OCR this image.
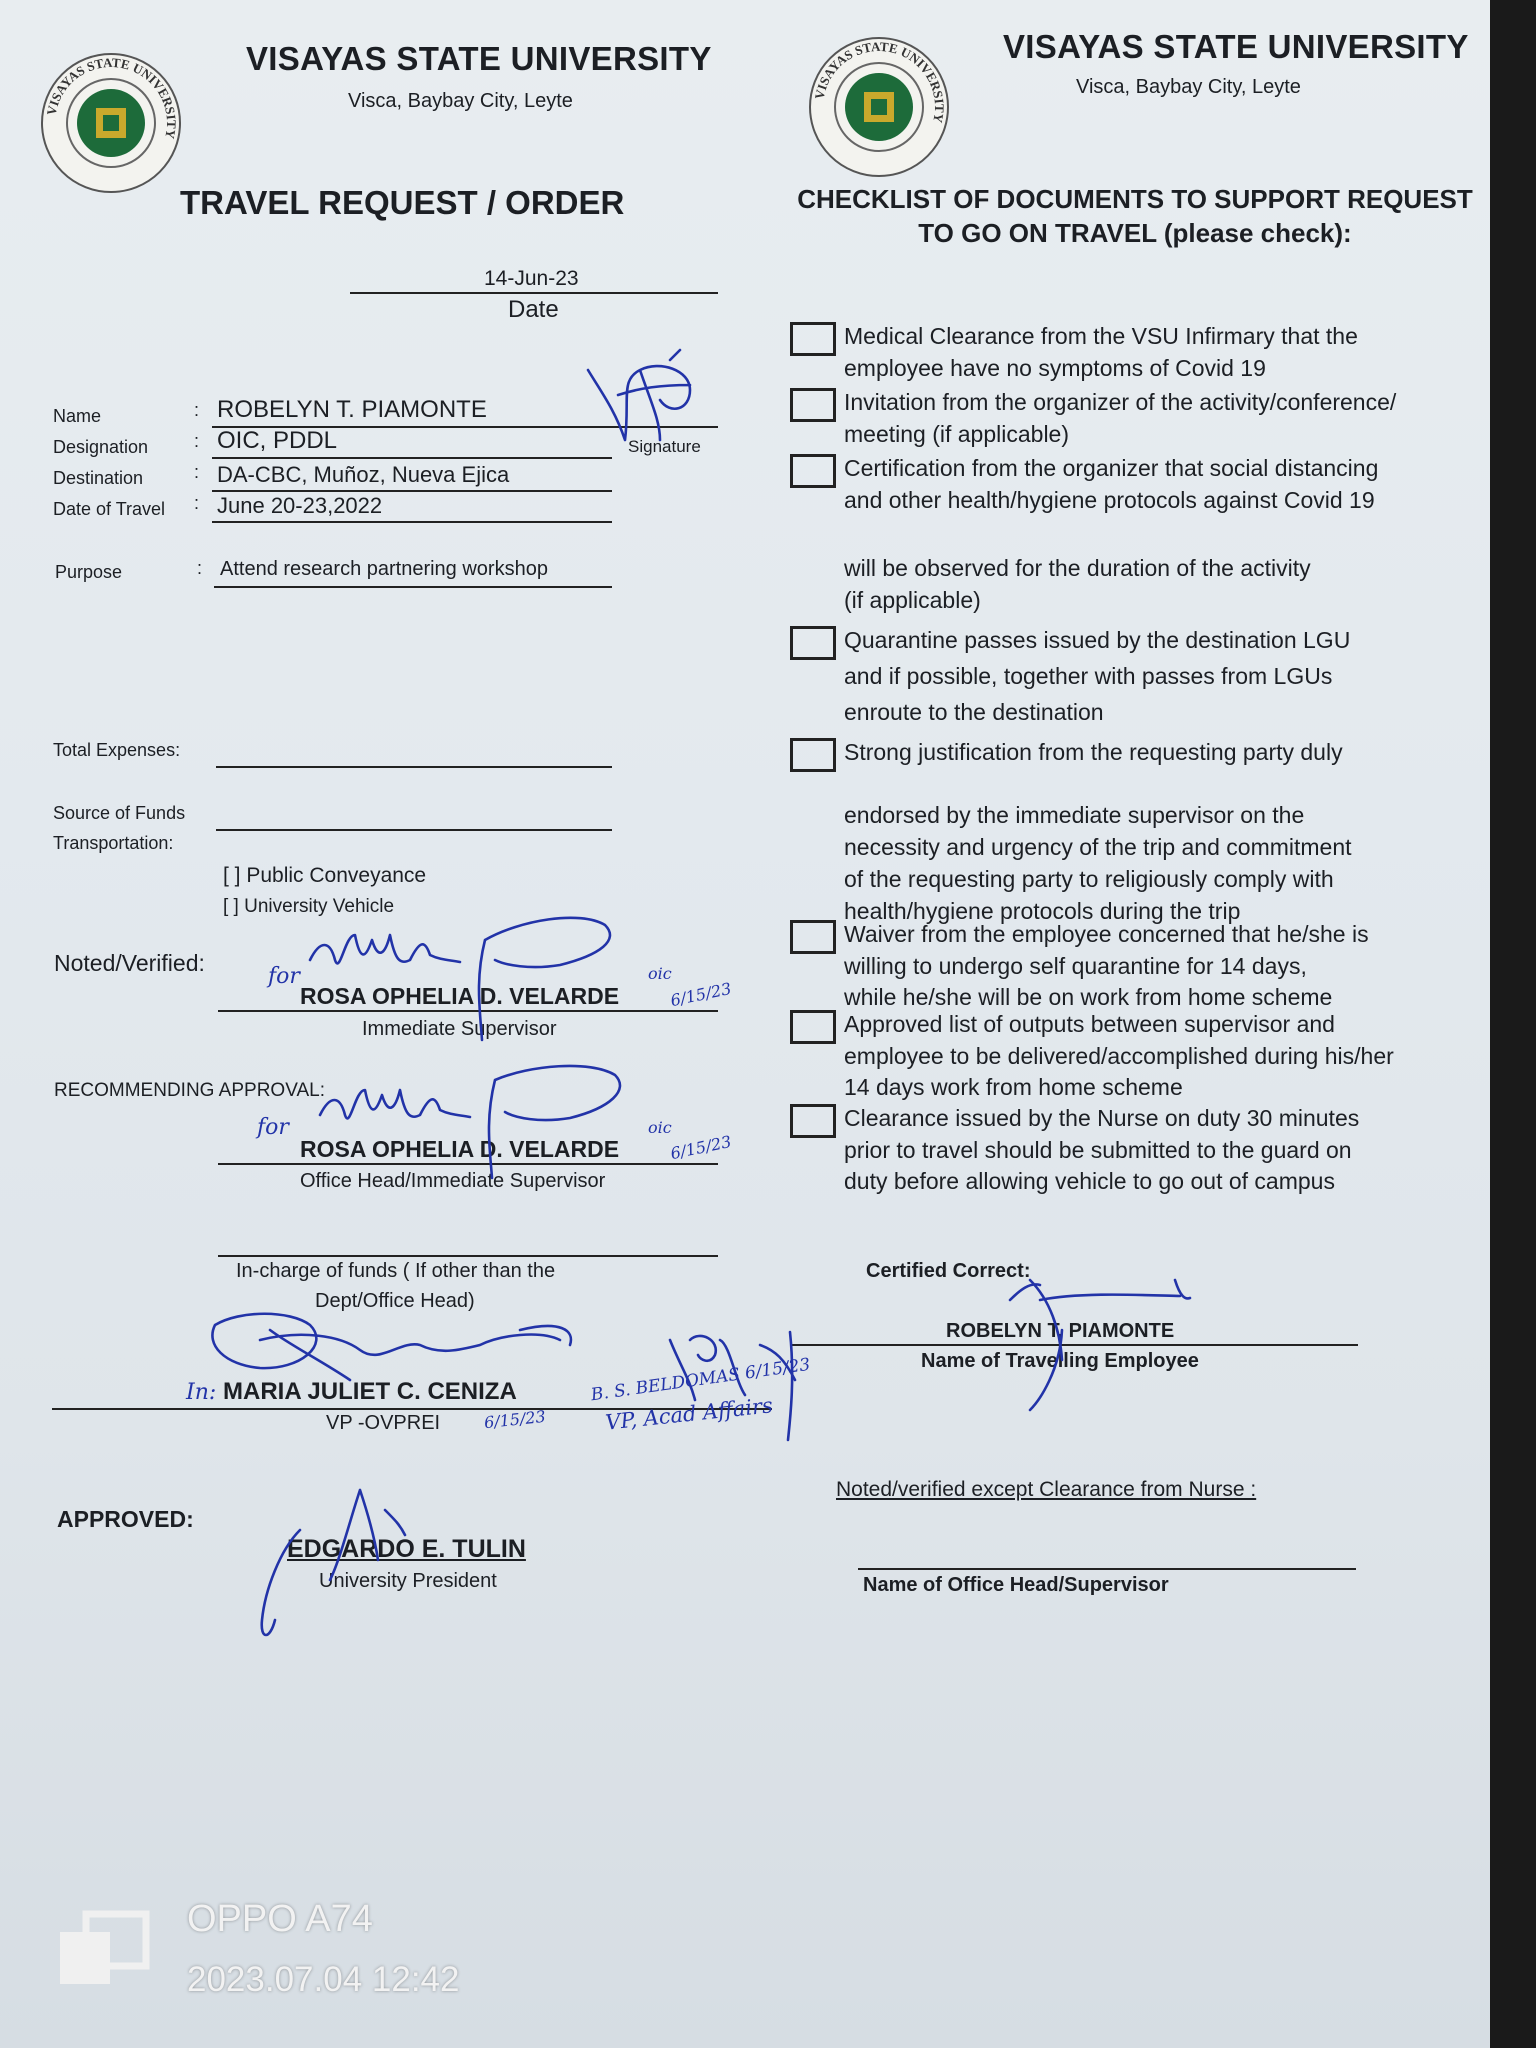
VISAYAS STATE UNIVERSITY
VISAYAS STATE UNIVERSITY
Visca, Baybay City, Leyte
TRAVEL REQUEST / ORDER
VISAYAS STATE UNIVERSITY
VISAYAS STATE UNIVERSITY
Visca, Baybay City, Leyte
CHECKLIST OF DOCUMENTS TO SUPPORT REQUEST
TO GO ON TRAVEL (please check):
14-Jun-23
Date
Name	: ROBELYN T. PIAMONTE
Designation	: OIC, PDDL	Signature
Destination	: DA-CBC, Muñoz, Nueva Ejica
Date of Travel : June 20-23,2022
Purpose	: Attend research partnering workshop
Total Expenses:
Source of Funds
Transportation:
[ ] Public Conveyance
[ ] University Vehicle
Noted/Verified:
ROSA OPHELIA D. VELARDE
Immediate Supervisor
RECOMMENDING APPROVAL:
ROSA OPHELIA D. VELARDE
Office Head/Immediate Supervisor
In-charge of funds ( If other than the
Dept/Office Head)
MARIA JULIET C. CENIZA
VP -OVPREI
APPROVED:
EDGARDO E. TULIN
University President
Medical Clearance from the VSU Infirmary that the
employee have no symptoms of Covid 19
Invitation from the organizer of the activity/conference/
meeting (if applicable)
Certification from the organizer that social distancing
and other health/hygiene protocols against Covid 19
will be observed for the duration of the activity
(if applicable)
Quarantine passes issued by the destination LGU
and if possible, together with passes from LGUs
enroute to the destination
Strong justification from the requesting party duly
endorsed by the immediate supervisor on the
necessity and urgency of the trip and commitment
of the requesting party to religiously comply with
health/hygiene protocols during the trip
Waiver from the employee concerned that he/she is
willing to undergo self quarantine for 14 days,
while he/she will be on work from home scheme
Approved list of outputs between supervisor and
employee to be delivered/accomplished during his/her
14 days work from home scheme
Clearance issued by the Nurse on duty 30 minutes
prior to travel should be submitted to the guard on
duty before allowing vehicle to go out of campus
Certified Correct:
ROBELYN T. PIAMONTE
Name of Travelling Employee
Noted/verified except Clearance from Nurse :
Name of Office Head/Supervisor
for	oic
6/15/23
for	oic
6/15/23
In:
6/15/23
B. S. BELDOMAS 6/15/23
VP, Acad Affairs
OPPO A74
2023.07.04 12:42
